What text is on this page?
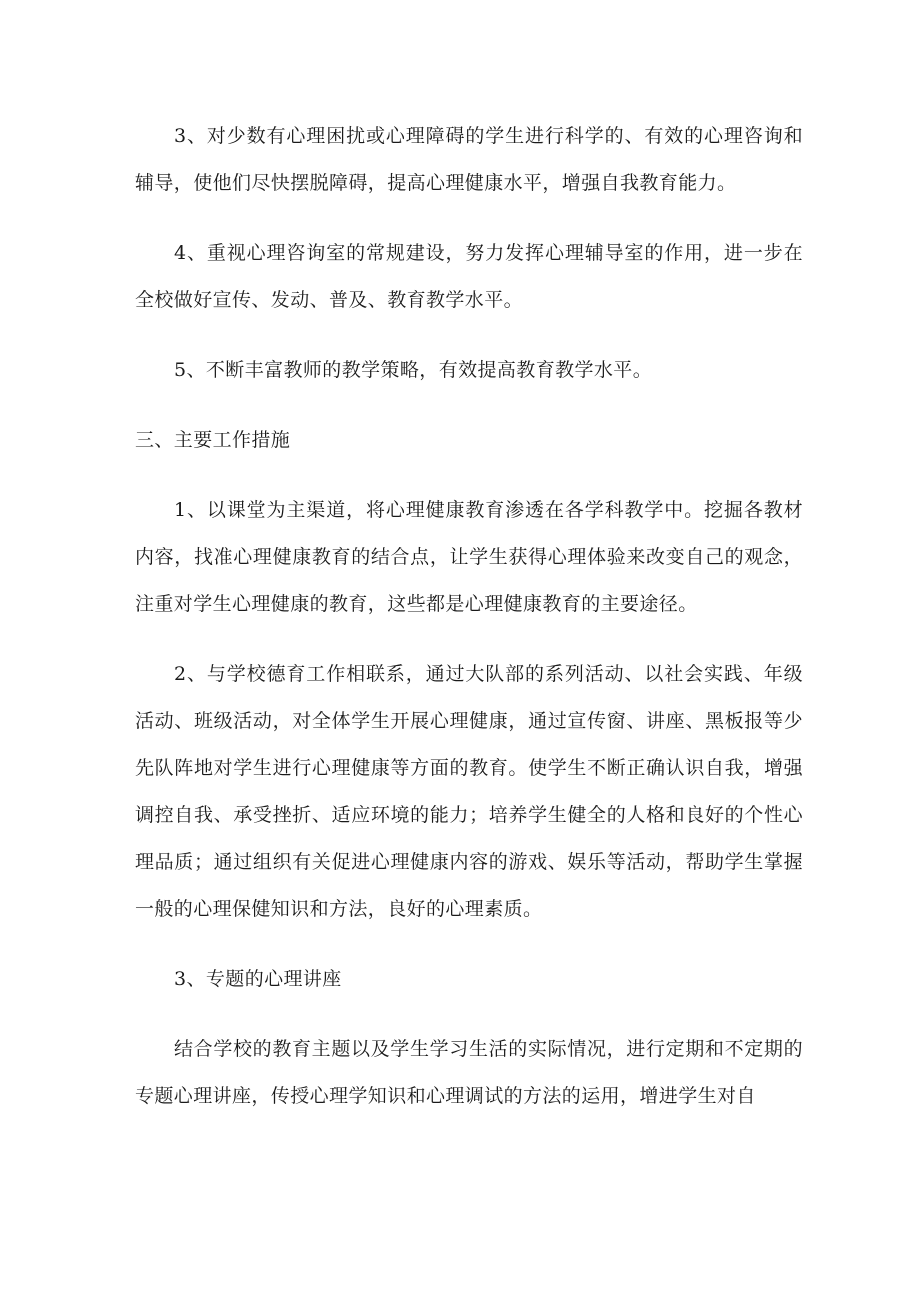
3、对少数有心理困扰或心理障碍的学生进行科学的、有效的心理咨询和辅导，使他们尽快摆脱障碍，提高心理健康水平，增强自我教育能力。

4、重视心理咨询室的常规建设，努力发挥心理辅导室的作用，进一步在全校做好宣传、发动、普及、教育教学水平。

5、不断丰富教师的教学策略，有效提高教育教学水平。

三、主要工作措施

1、以课堂为主渠道，将心理健康教育渗透在各学科教学中。挖掘各教材内容，找准心理健康教育的结合点，让学生获得心理体验来改变自己的观念，注重对学生心理健康的教育，这些都是心理健康教育的主要途径。

2、与学校德育工作相联系，通过大队部的系列活动、以社会实践、年级活动、班级活动，对全体学生开展心理健康，通过宣传窗、讲座、黑板报等少先队阵地对学生进行心理健康等方面的教育。使学生不断正确认识自我，增强调控自我、承受挫折、适应环境的能力；培养学生健全的人格和良好的个性心理品质；通过组织有关促进心理健康内容的游戏、娱乐等活动，帮助学生掌握一般的心理保健知识和方法，良好的心理素质。

3、专题的心理讲座

结合学校的教育主题以及学生学习生活的实际情况，进行定期和不定期的专题心理讲座，传授心理学知识和心理调试的方法的运用，增进学生对自
